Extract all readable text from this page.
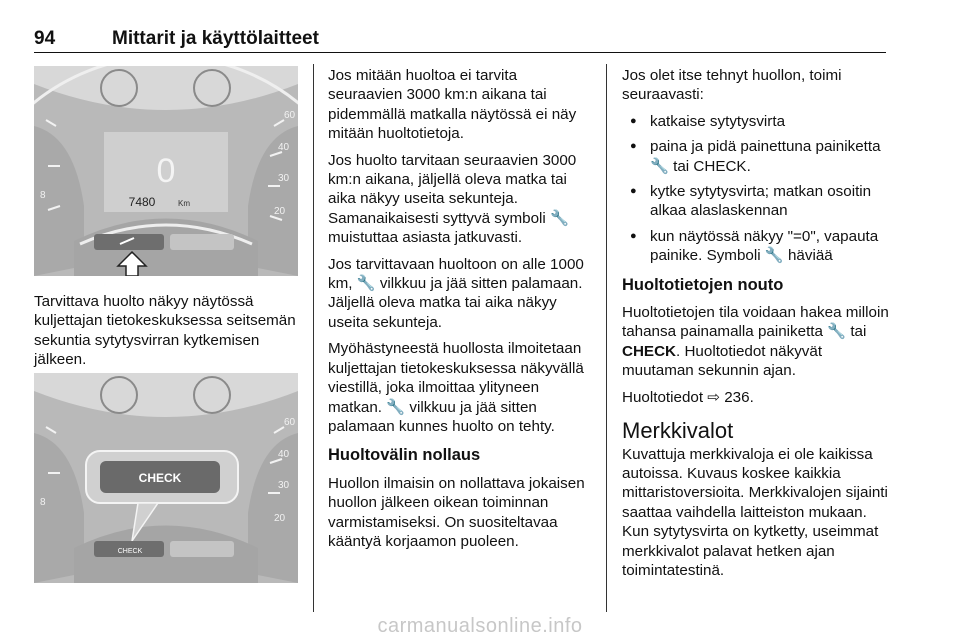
94	Mittarit ja käyttölaitteet
60
40
30
20
8
0
7480	Km

Tarvittava huolto näkyy näytössä kuljettajan tietokeskuksessa seitsemän sekuntia sytytysvirran kytkemisen jälkeen.

60
40
30
20
8
CHECK
CHECK

Jos mitään huoltoa ei tarvita seuraavien 3000 km:n aikana tai pidemmällä matkalla näytössä ei näy mitään huoltotietoja.

Jos huolto tarvitaan seuraavien 3000 km:n aikana, jäljellä oleva matka tai aika näkyy useita sekunteja. Samanaikaisesti syttyvä symboli 🔧 muistuttaa asiasta jatkuvasti.

Jos tarvittavaan huoltoon on alle 1000 km, 🔧 vilkkuu ja jää sitten palamaan. Jäljellä oleva matka tai aika näkyy useita sekunteja.

Myöhästyneestä huollosta ilmoitetaan kuljettajan tietokeskuksessa näkyvällä viestillä, joka ilmoittaa ylityneen matkan. 🔧 vilkkuu ja jää sitten palamaan kunnes huolto on tehty.

Huoltovälin nollaus

Huollon ilmaisin on nollattava jokaisen huollon jälkeen oikean toiminnan varmistamiseksi. On suositeltavaa kääntyä korjaamon puoleen.

Jos olet itse tehnyt huollon, toimi seuraavasti:

● katkaise sytytysvirta
● paina ja pidä painettuna painiketta 🔧 tai CHECK.
● kytke sytytysvirta; matkan osoitin alkaa alaslaskennan
● kun näytössä näkyy "=0", vapauta painike. Symboli 🔧 häviää
Huoltotietojen nouto

Huoltotietojen tila voidaan hakea milloin tahansa painamalla painiketta 🔧 tai CHECK. Huoltotiedot näkyvät muutaman sekunnin ajan.

Huoltotiedot ⇨ 236.

Merkkivalot

Kuvattuja merkkivaloja ei ole kaikissa autoissa. Kuvaus koskee kaikkia mittaristoversioita. Merkkivalojen sijainti saattaa vaihdella laitteiston mukaan. Kun sytytysvirta on kytketty, useimmat merkkivalot palavat hetken ajan toimintatestinä.

carmanualsonline.info
